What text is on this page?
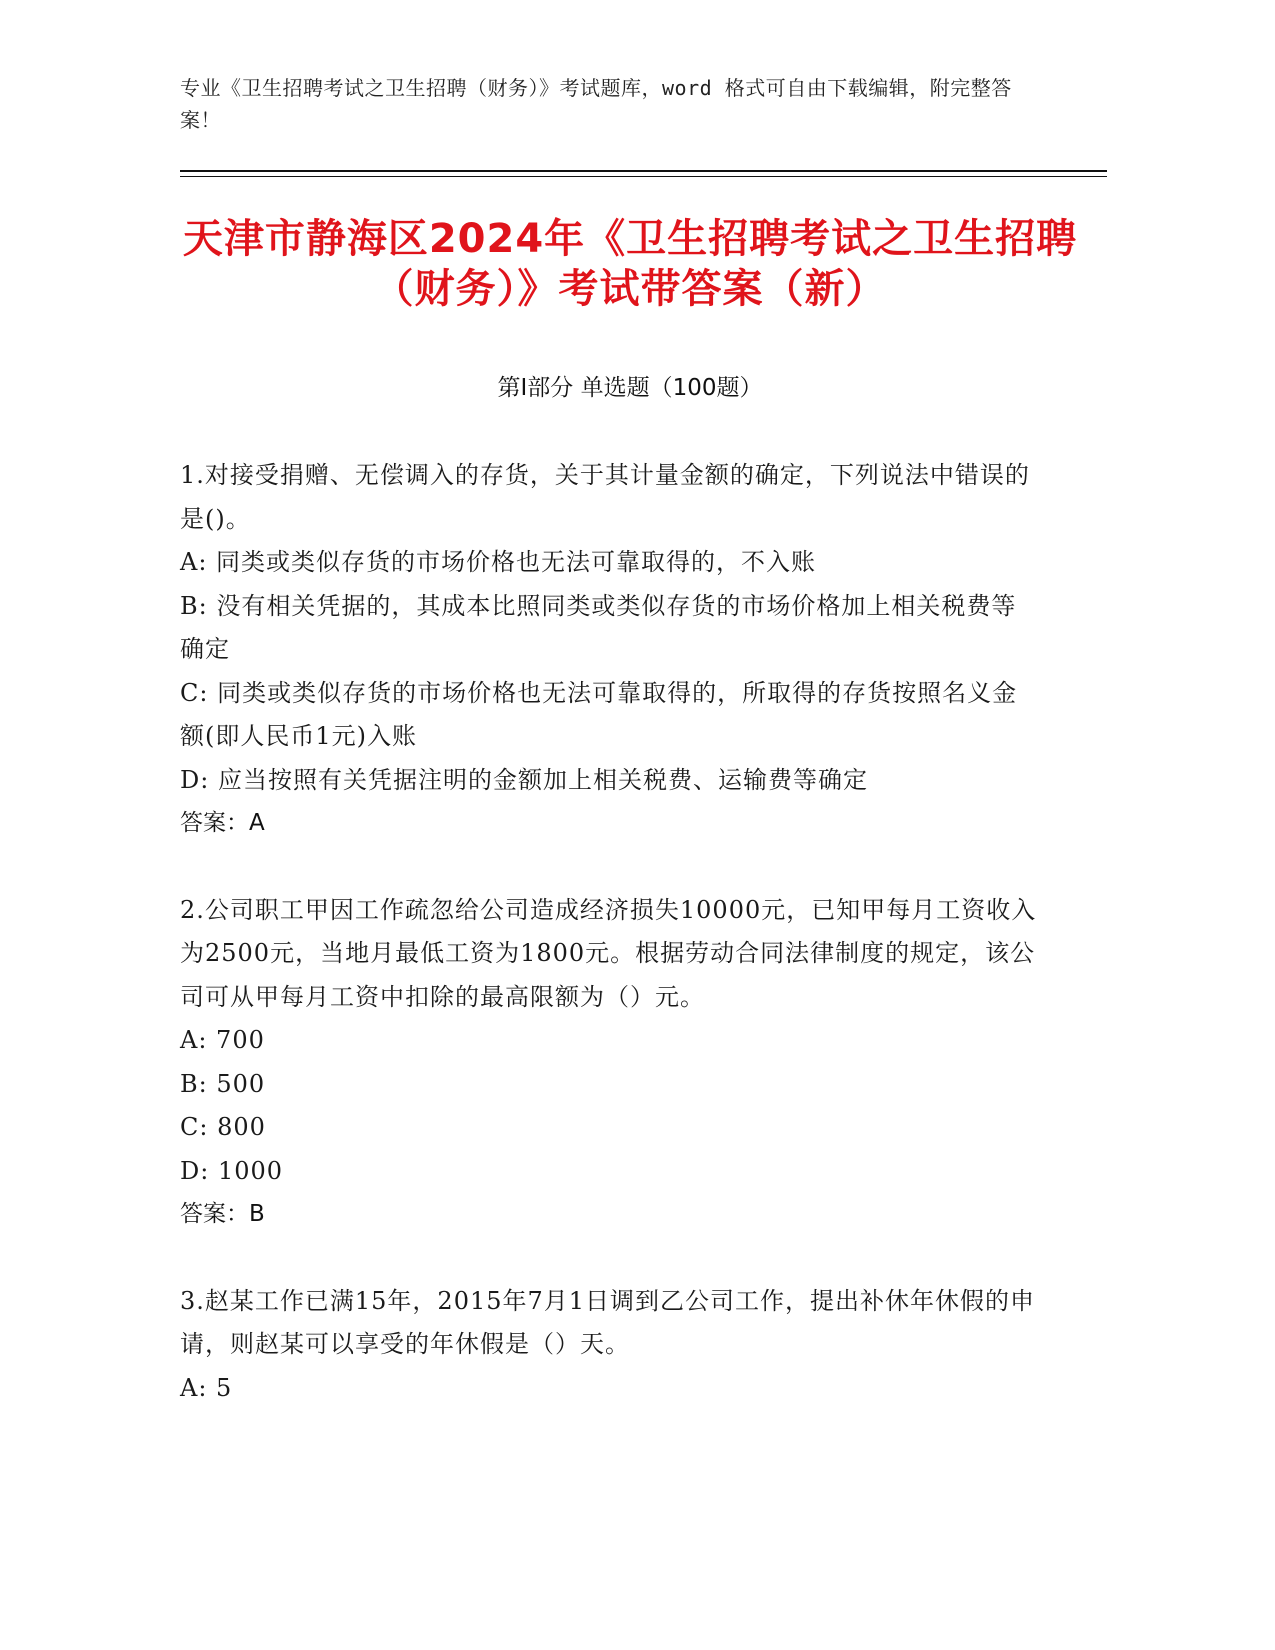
专业《卫生招聘考试之卫生招聘（财务）》考试题库，word 格式可自由下载编辑，附完整答案！
天津市静海区2024年《卫生招聘考试之卫生招聘（财务）》考试带答案（新）
第Ⅰ部分 单选题（100题）
1.对接受捐赠、无偿调入的存货，关于其计量金额的确定，下列说法中错误的是()。
A: 同类或类似存货的市场价格也无法可靠取得的，不入账
B: 没有相关凭据的，其成本比照同类或类似存货的市场价格加上相关税费等确定
C: 同类或类似存货的市场价格也无法可靠取得的，所取得的存货按照名义金额(即人民币1元)入账
D: 应当按照有关凭据注明的金额加上相关税费、运输费等确定
答案：A
2.公司职工甲因工作疏忽给公司造成经济损失10000元，已知甲每月工资收入为2500元，当地月最低工资为1800元。根据劳动合同法律制度的规定，该公司可从甲每月工资中扣除的最高限额为（）元。
A: 700
B: 500
C: 800
D: 1000
答案：B
3.赵某工作已满15年，2015年7月1日调到乙公司工作，提出补休年休假的申请，则赵某可以享受的年休假是（）天。
A: 5
